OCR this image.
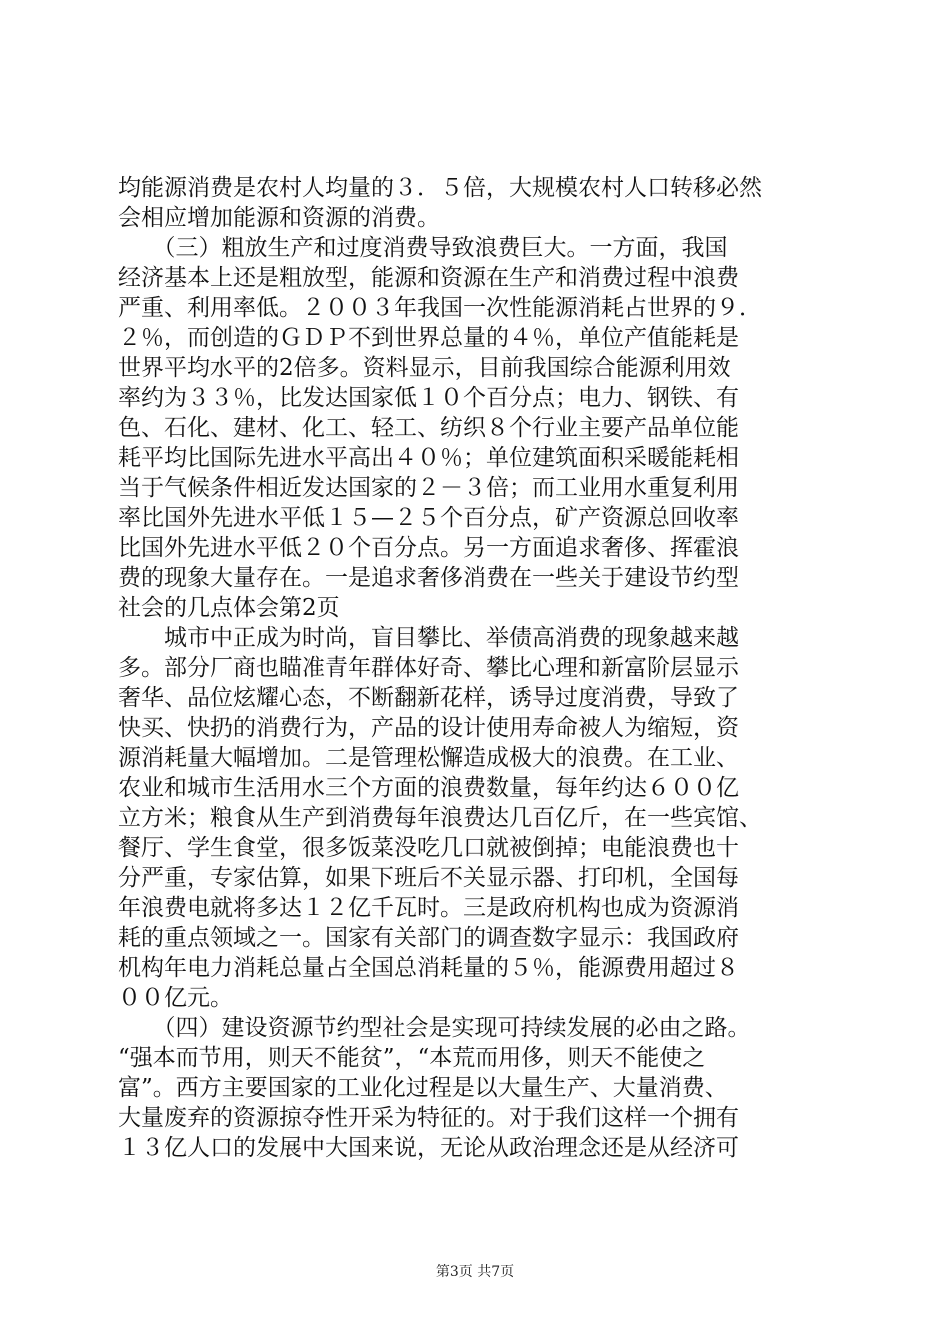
均能源消费是农村人均量的３．５倍，大规模农村人口转移必然
会相应增加能源和资源的消费。
　　（三）粗放生产和过度消费导致浪费巨大。一方面，我国
经济基本上还是粗放型，能源和资源在生产和消费过程中浪费
严重、利用率低。２００３年我国一次性能源消耗占世界的９．
２％，而创造的ＧＤＰ不到世界总量的４％，单位产值能耗是
世界平均水平的2倍多。资料显示，目前我国综合能源利用效
率约为３３％，比发达国家低１０个百分点；电力、钢铁、有
色、石化、建材、化工、轻工、纺织８个行业主要产品单位能
耗平均比国际先进水平高出４０％；单位建筑面积采暖能耗相
当于气候条件相近发达国家的２－３倍；而工业用水重复利用
率比国外先进水平低１５—２５个百分点，矿产资源总回收率
比国外先进水平低２０个百分点。另一方面追求奢侈、挥霍浪
费的现象大量存在。一是追求奢侈消费在一些关于建设节约型
社会的几点体会第2页
　　城市中正成为时尚，盲目攀比、举债高消费的现象越来越
多。部分厂商也瞄准青年群体好奇、攀比心理和新富阶层显示
奢华、品位炫耀心态，不断翻新花样，诱导过度消费，导致了
快买、快扔的消费行为，产品的设计使用寿命被人为缩短，资
源消耗量大幅增加。二是管理松懈造成极大的浪费。在工业、
农业和城市生活用水三个方面的浪费数量，每年约达６００亿
立方米；粮食从生产到消费每年浪费达几百亿斤，在一些宾馆、
餐厅、学生食堂，很多饭菜没吃几口就被倒掉；电能浪费也十
分严重，专家估算，如果下班后不关显示器、打印机，全国每
年浪费电就将多达１２亿千瓦时。三是政府机构也成为资源消
耗的重点领域之一。国家有关部门的调查数字显示：我国政府
机构年电力消耗总量占全国总消耗量的５％，能源费用超过８
００亿元。
　　（四）建设资源节约型社会是实现可持续发展的必由之路。
“强本而节用，则天不能贫”，“本荒而用侈，则天不能使之
富”。西方主要国家的工业化过程是以大量生产、大量消费、
大量废弃的资源掠夺性开采为特征的。对于我们这样一个拥有
１３亿人口的发展中大国来说，无论从政治理念还是从经济可
第3页 共7页
